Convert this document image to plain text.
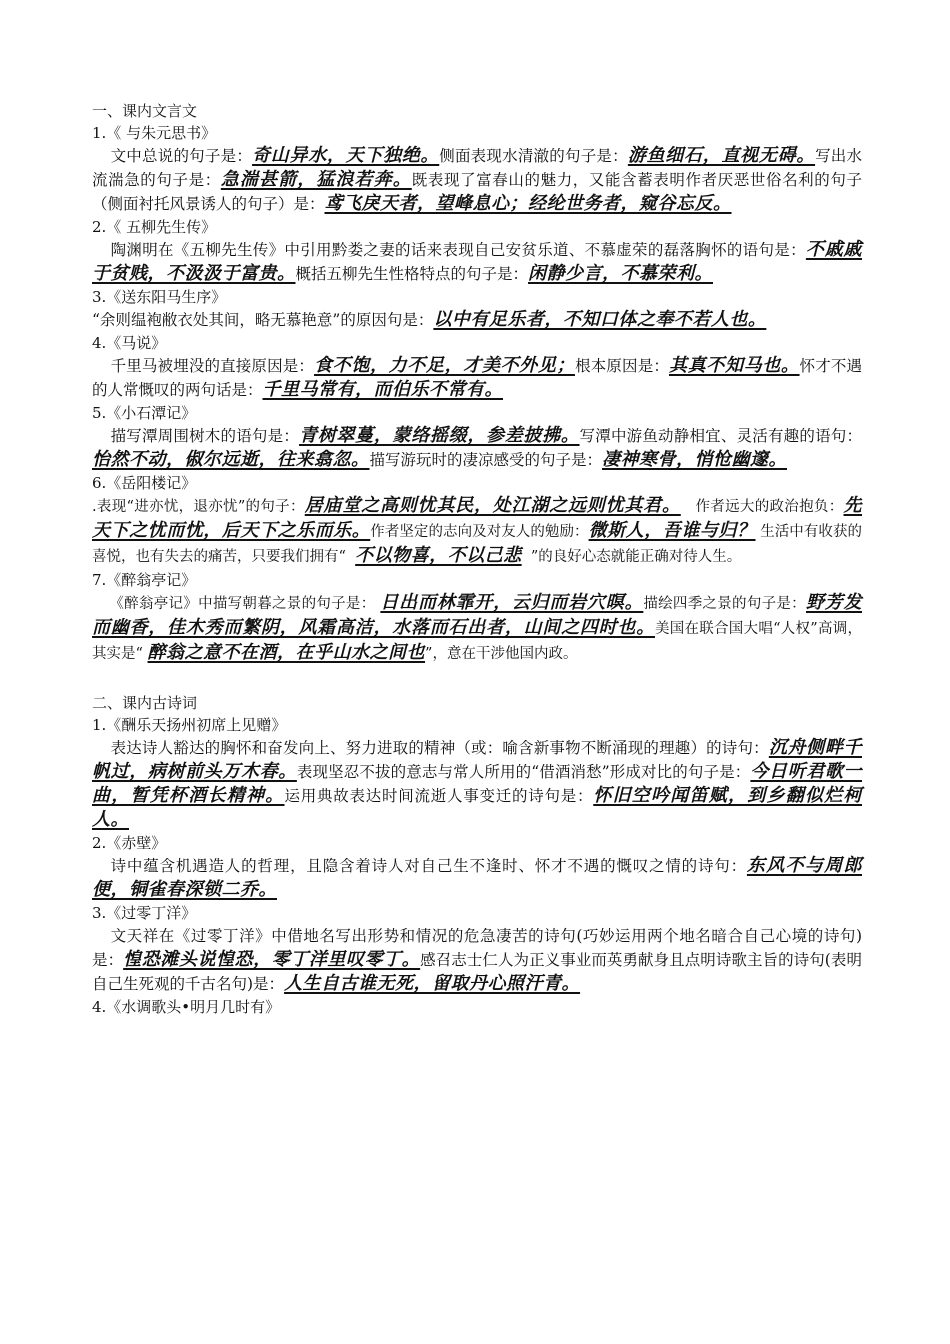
一、课内文言文

1.《 与朱元思书》

文中总说的句子是：奇山异水，天下独绝。侧面表现水清澈的句子是：游鱼细石，直视无碍。写出水流湍急的句子是：急湍甚箭，猛浪若奔。既表现了富春山的魅力，又能含蓄表明作者厌恶世俗名利的句子（侧面衬托风景诱人的句子）是：鸢飞戾天者，望峰息心；经纶世务者，窥谷忘反。

2.《 五柳先生传》

陶渊明在《五柳先生传》中引用黔娄之妻的话来表现自己安贫乐道、不慕虚荣的磊落胸怀的语句是：不戚戚于贫贱，不汲汲于富贵。概括五柳先生性格特点的句子是：闲静少言，不慕荣利。

3.《送东阳马生序》

“余则缊袍敝衣处其间，略无慕艳意”的原因句是：以中有足乐者，不知口体之奉不若人也。

4.《马说》

千里马被埋没的直接原因是：食不饱，力不足，才美不外见；根本原因是：其真不知马也。怀才不遇的人常慨叹的两句话是：千里马常有，而伯乐不常有。

5.《小石潭记》

描写潭周围树木的语句是：青树翠蔓，蒙络摇缀，参差披拂。写潭中游鱼动静相宜、灵活有趣的语句：怡然不动，俶尔远逝，往来翕忽。描写游玩时的凄凉感受的句子是：凄神寒骨，悄怆幽邃。

6.《岳阳楼记》

.表现“进亦忧，退亦忧”的句子：居庙堂之高则忧其民，处江湖之远则忧其君。 作者远大的政治抱负：先天下之忧而忧，后天下之乐而乐。作者坚定的志向及对友人的勉励：微斯人，吾谁与归？ 生活中有收获的喜悦，也有失去的痛苦，只要我们拥有“ 不以物喜，不以己悲 ”的良好心态就能正确对待人生。

7.《醉翁亭记》

《醉翁亭记》中描写朝暮之景的句子是： 日出而林霏开，云归而岩穴暝。描绘四季之景的句子是：野芳发而幽香，佳木秀而繁阴，风霜高洁，水落而石出者，山间之四时也。美国在联合国大唱“人权”高调，其实是“ 醉翁之意不在酒，在乎山水之间也”，意在干涉他国内政。

二、课内古诗词

1.《酬乐天扬州初席上见赠》

表达诗人豁达的胸怀和奋发向上、努力进取的精神（或：喻含新事物不断涌现的理趣）的诗句：沉舟侧畔千帆过，病树前头万木春。表现坚忍不拔的意志与常人所用的“借酒消愁”形成对比的句子是：今日听君歌一曲，暂凭杯酒长精神。运用典故表达时间流逝人事变迁的诗句是：怀旧空吟闻笛赋，到乡翻似烂柯人。

2.《赤壁》

诗中蕴含机遇造人的哲理，且隐含着诗人对自己生不逢时、怀才不遇的慨叹之情的诗句：东风不与周郎便，铜雀春深锁二乔。

3.《过零丁洋》

文天祥在《过零丁洋》中借地名写出形势和情况的危急凄苦的诗句(巧妙运用两个地名暗合自己心境的诗句)是：惶恐滩头说惶恐，零丁洋里叹零丁。感召志士仁人为正义事业而英勇献身且点明诗歌主旨的诗句(表明自己生死观的千古名句)是：人生自古谁无死，留取丹心照汗青。

4.《水调歌头•明月几时有》
